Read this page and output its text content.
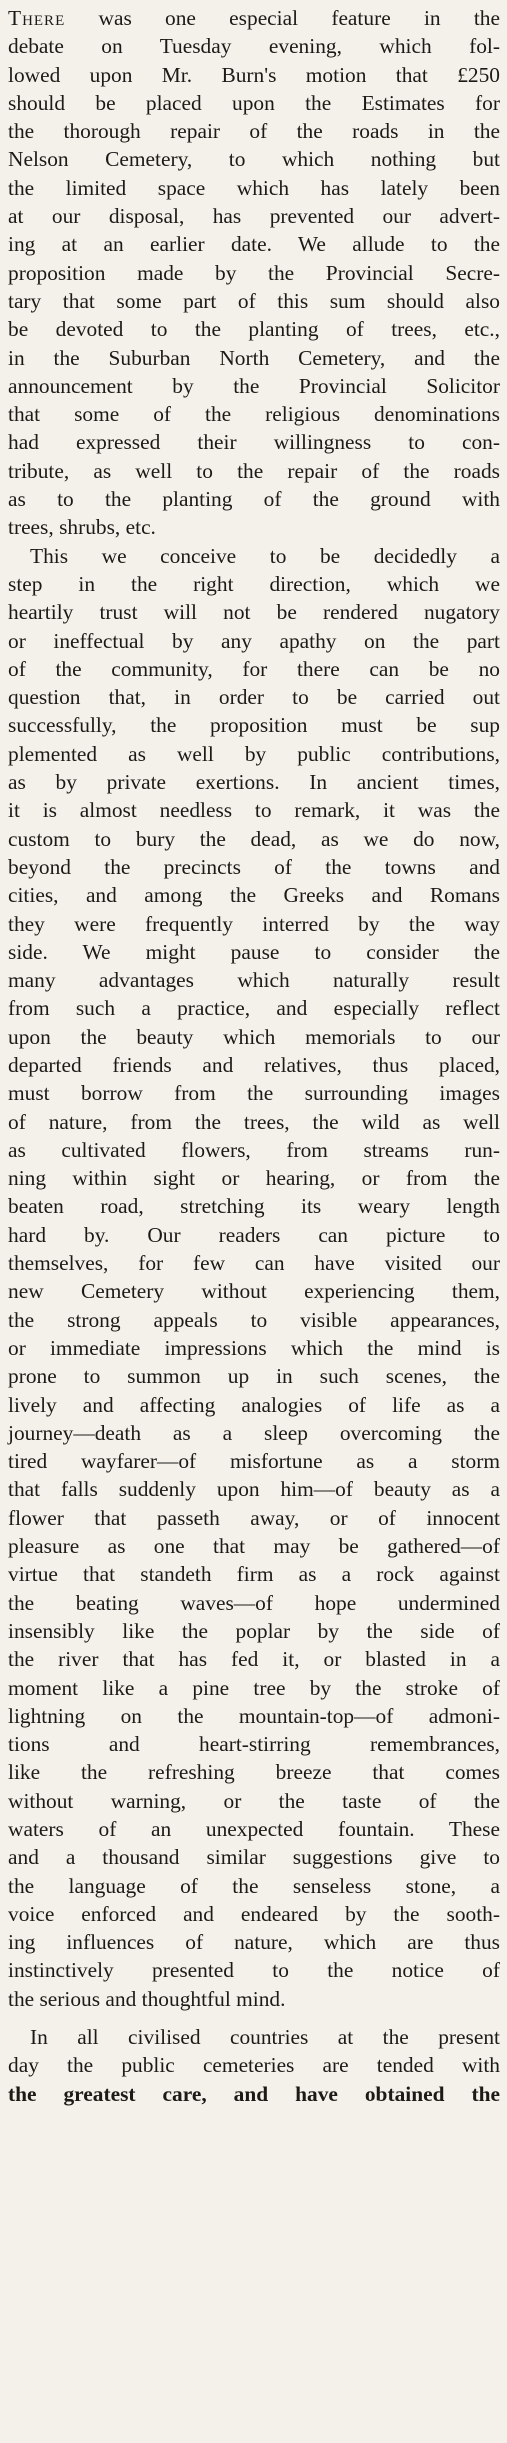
There was one especial feature in the
debate on Tuesday evening, which fol-
lowed upon Mr. Burn's motion that £250
should be placed upon the Estimates for
the thorough repair of the roads in the
Nelson Cemetery, to which nothing but
the limited space which has lately been
at our disposal, has prevented our advert-
ing at an earlier date. We allude to the
proposition made by the Provincial Secre-
tary that some part of this sum should also
be devoted to the planting of trees, etc.,
in the Suburban North Cemetery, and the
announcement by the Provincial Solicitor
that some of the religious denominations
had expressed their willingness to con-
tribute, as well to the repair of the roads
as to the planting of the ground with
trees, shrubs, etc.
This we conceive to be decidedly a
step in the right direction, which we
heartily trust will not be rendered nugatory
or ineffectual by any apathy on the part
of the community, for there can be no
question that, in order to be carried out
successfully, the proposition must be sup
plemented as well by public contributions,
as by private exertions. In ancient times,
it is almost needless to remark, it was the
custom to bury the dead, as we do now,
beyond the precincts of the towns and
cities, and among the Greeks and Romans
they were frequently interred by the way
side. We might pause to consider the
many advantages which naturally result
from such a practice, and especially reflect
upon the beauty which memorials to our
departed friends and relatives, thus placed,
must borrow from the surrounding images
of nature, from the trees, the wild as well
as cultivated flowers, from streams run-
ning within sight or hearing, or from the
beaten road, stretching its weary length
hard by. Our readers can picture to
themselves, for few can have visited our
new Cemetery without experiencing them,
the strong appeals to visible appearances,
or immediate impressions which the mind is
prone to summon up in such scenes, the
lively and affecting analogies of life as a
journey—death as a sleep overcoming the
tired wayfarer—of misfortune as a storm
that falls suddenly upon him—of beauty as a
flower that passeth away, or of innocent
pleasure as one that may be gathered—of
virtue that standeth firm as a rock against
the beating waves—of hope undermined
insensibly like the poplar by the side of
the river that has fed it, or blasted in a
moment like a pine tree by the stroke of
lightning on the mountain-top—of admoni-
tions and heart-stirring remembrances,
like the refreshing breeze that comes
without warning, or the taste of the
waters of an unexpected fountain. These
and a thousand similar suggestions give to
the language of the senseless stone, a
voice enforced and endeared by the sooth-
ing influences of nature, which are thus
instinctively presented to the notice of
the serious and thoughtful mind.
In all civilised countries at the present
day the public cemeteries are tended with
the greatest care, and have obtained the
